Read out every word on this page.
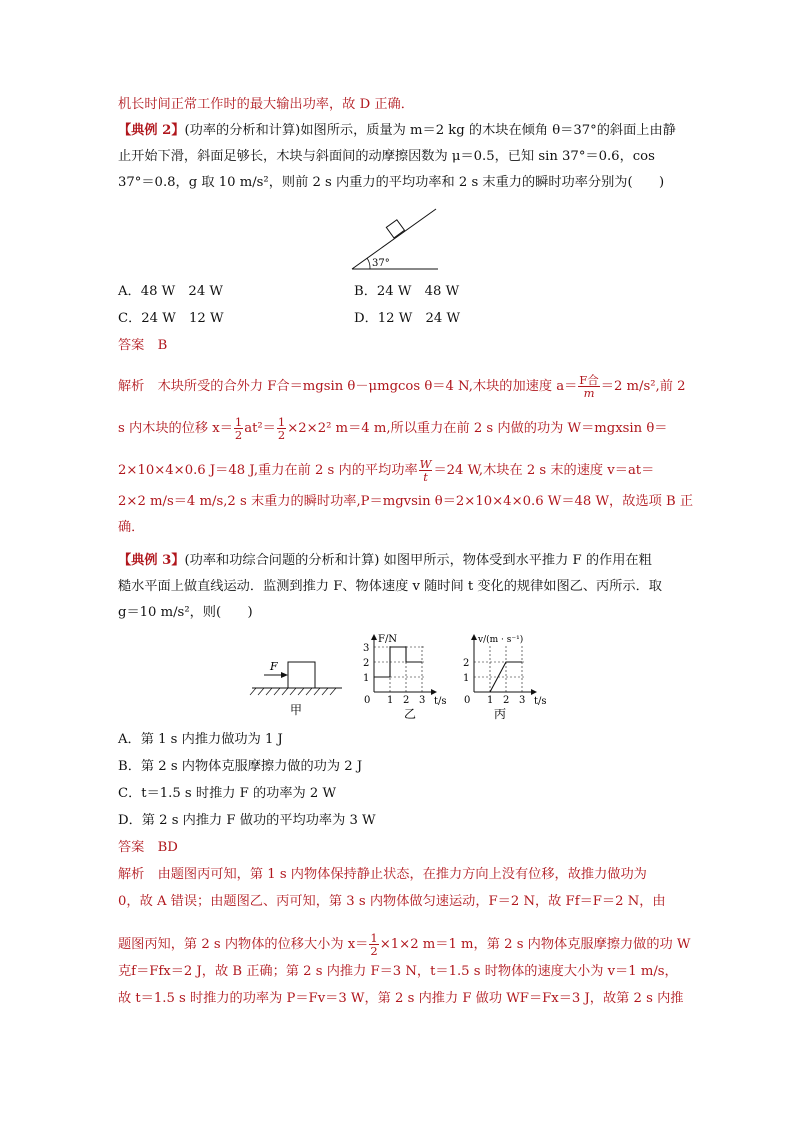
机长时间正常工作时的最大输出功率，故 D 正确．
【典例 2】(功率的分析和计算)如图所示，质量为 m＝2 kg 的木块在倾角 θ＝37°的斜面上由静
止开始下滑，斜面足够长，木块与斜面间的动摩擦因数为 μ＝0.5，已知 sin 37°＝0.6，cos
37°＝0.8，g 取 10 m/s²，则前 2 s 内重力的平均功率和 2 s 末重力的瞬时功率分别为(　　)
37°
A．48 W　24 W	B．24 W　48 W
C．24 W　12 W	D．12 W　24 W
答案　 B
解析　 木块所受的合外力 F合＝mgsin θ－μmgcos θ＝4 N,木块的加速度 $a= \frac{\text{F合}}{m} =2$ m/s²,前 2
s 内木块的位移 $x= \frac{1}{2} at^2= \frac{1}{2} \times 2\times 2^2$ m＝4 m,所以重力在前 2 s 内做的功为 W＝mgxsin θ＝
2×10×4×0.6 J＝48 J,重力在前 2 s 内的平均功率 $\frac{W}{t} =24$ W,木块在 2 s 末的速度 v＝at＝
2×2 m/s＝4 m/s,2 s 末重力的瞬时功率,P＝mgvsin θ＝2×10×4×0.6 W＝48 W，故选项 B 正
确．
【典例 3】(功率和功综合问题的分析和计算) 如图甲所示，物体受到水平推力 F 的作用在粗
糙水平面上做直线运动．监测到推力 F、物体速度 v 随时间 t 变化的规律如图乙、丙所示．取
g＝10 m/s²，则(　　)
F
甲
F/N
t/s
0 1 2 3
1
2
3
乙
v/(m · s⁻¹)
t/s
0 1 2 3
1
2
丙
A．第 1 s 内推力做功为 1 J
B．第 2 s 内物体克服摩擦力做的功为 2 J
C．t＝1.5 s 时推力 F 的功率为 2 W
D．第 2 s 内推力 F 做功的平均功率为 3 W
答案　 BD
解析　 由题图丙可知，第 1 s 内物体保持静止状态，在推力方向上没有位移，故推力做功为
0，故 A 错误；由题图乙、丙可知，第 3 s 内物体做匀速运动，F＝2 N，故 Ff＝F＝2 N，由
题图丙知，第 2 s 内物体的位移大小为 $x= \frac{1}{2} \times 1\times 2$ m＝1 m，第 2 s 内物体克服摩擦力做的功 W
克f＝Ffx＝2 J，故 B 正确；第 2 s 内推力 F＝3 N，t＝1.5 s 时物体的速度大小为 v＝1 m/s，
故 t＝1.5 s 时推力的功率为 P＝Fv＝3 W，第 2 s 内推力 F 做功 WF＝Fx＝3 J，故第 2 s 内推
